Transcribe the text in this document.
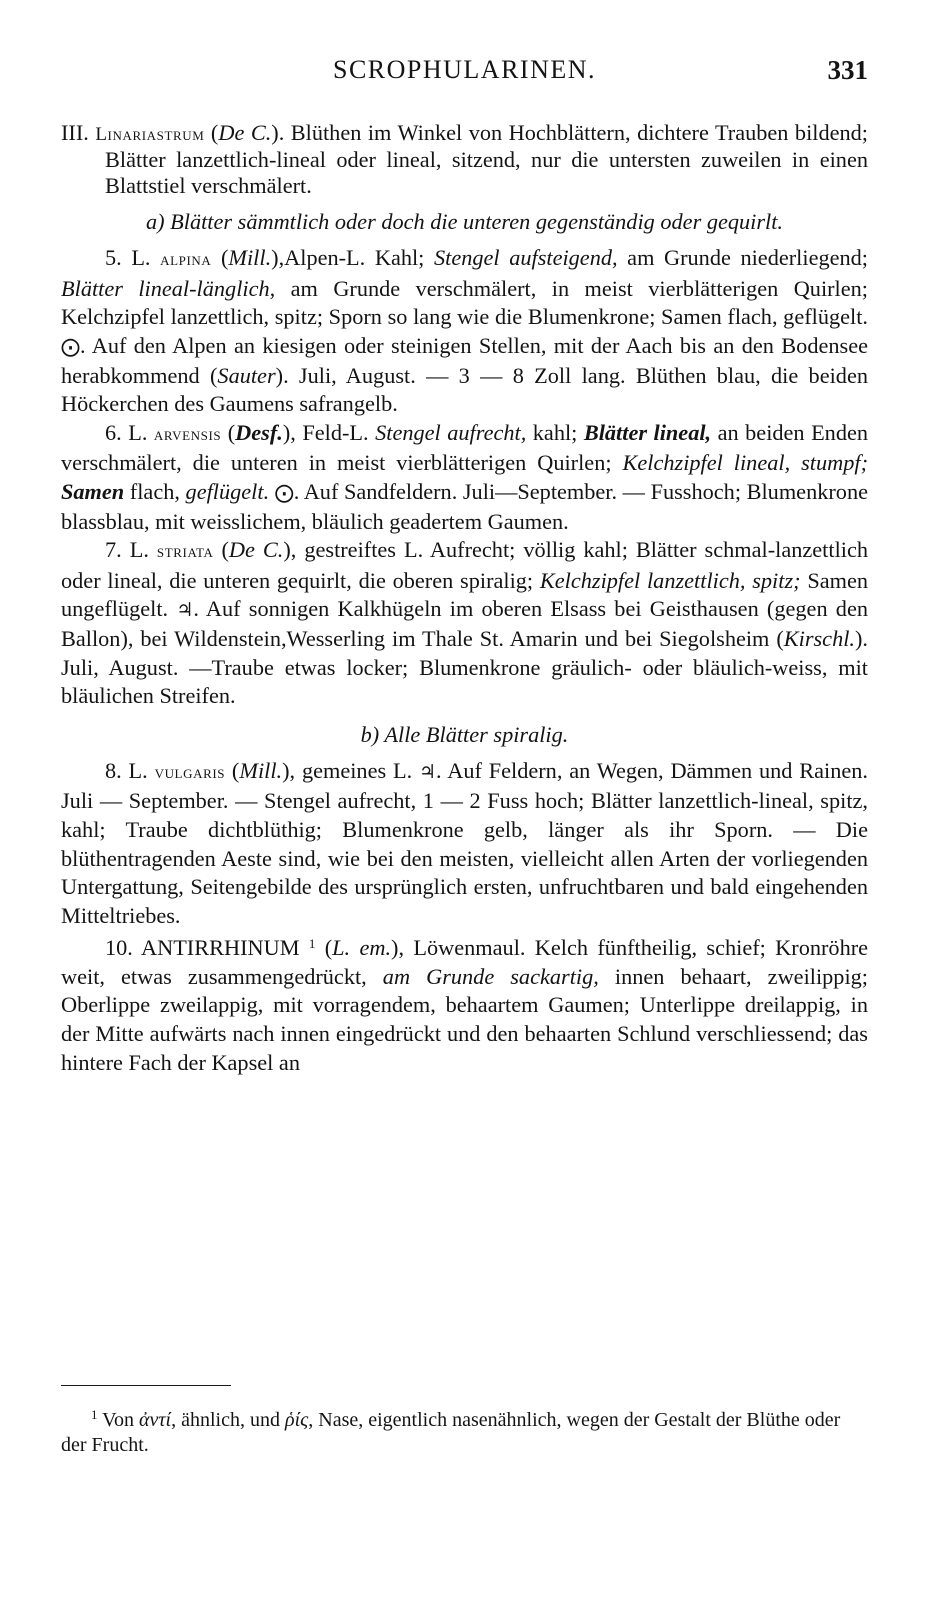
SCROPHULARINEN.	331

III. Linariastrum (De C.). Blüthen im Winkel von Hochblättern, dichtere Trauben bildend; Blätter lanzettlich-lineal oder lineal, sitzend, nur die untersten zuweilen in einen Blattstiel verschmälert.

a) Blätter sämmtlich oder doch die unteren gegenständig oder gequirlt.

5. L. alpina (Mill.),Alpen-L. Kahl; Stengel aufsteigend, am Grunde niederliegend; Blätter lineal-länglich, am Grunde verschmälert, in meist vierblätterigen Quirlen; Kelchzipfel lanzettlich, spitz; Sporn so lang wie die Blumenkrone; Samen flach, geflügelt. ⨀. Auf den Alpen an kiesigen oder steinigen Stellen, mit der Aach bis an den Bodensee herabkommend (Sauter). Juli, August. — 3 — 8 Zoll lang. Blüthen blau, die beiden Höckerchen des Gaumens safrangelb.

6. L. arvensis (Desf.), Feld-L. Stengel aufrecht, kahl; Blätter lineal, an beiden Enden verschmälert, die unteren in meist vierblätterigen Quirlen; Kelchzipfel lineal, stumpf; Samen flach, geflügelt. ⨀. Auf Sandfeldern. Juli—September. — Fusshoch; Blumenkrone blassblau, mit weisslichem, bläulich geadertem Gaumen.

7. L. striata (De C.), gestreiftes L. Aufrecht; völlig kahl; Blätter schmal-lanzettlich oder lineal, die unteren gequirlt, die oberen spiralig; Kelchzipfel lanzettlich, spitz; Samen ungeflügelt. ♃. Auf sonnigen Kalkhügeln im oberen Elsass bei Geisthausen (gegen den Ballon), bei Wildenstein,Wesserling im Thale St. Amarin und bei Siegolsheim (Kirschl.). Juli, August. —Traube etwas locker; Blumenkrone gräulich- oder bläulich-weiss, mit bläulichen Streifen.

b) Alle Blätter spiralig.

8. L. vulgaris (Mill.), gemeines L. ♃. Auf Feldern, an Wegen, Dämmen und Rainen. Juli — September. — Stengel aufrecht, 1 — 2 Fuss hoch; Blätter lanzettlich-lineal, spitz, kahl; Traube dichtblüthig; Blumenkrone gelb, länger als ihr Sporn. — Die blüthentragenden Aeste sind, wie bei den meisten, vielleicht allen Arten der vorliegenden Untergattung, Seitengebilde des ursprünglich ersten, unfruchtbaren und bald eingehenden Mitteltriebes.

10. ANTIRRHINUM $^1$ (L. em.), Löwenmaul. Kelch fünftheilig, schief; Kronröhre weit, etwas zusammengedrückt, am Grunde sackartig, innen behaart, zweilippig; Oberlippe zweilappig, mit vorragendem, behaartem Gaumen; Unterlippe dreilappig, in der Mitte aufwärts nach innen eingedrückt und den behaarten Schlund verschliessend; das hintere Fach der Kapsel an

$^1$ Von ἀντί, ähnlich, und ῥίς, Nase, eigentlich nasenähnlich, wegen der Gestalt der Blüthe oder der Frucht.
